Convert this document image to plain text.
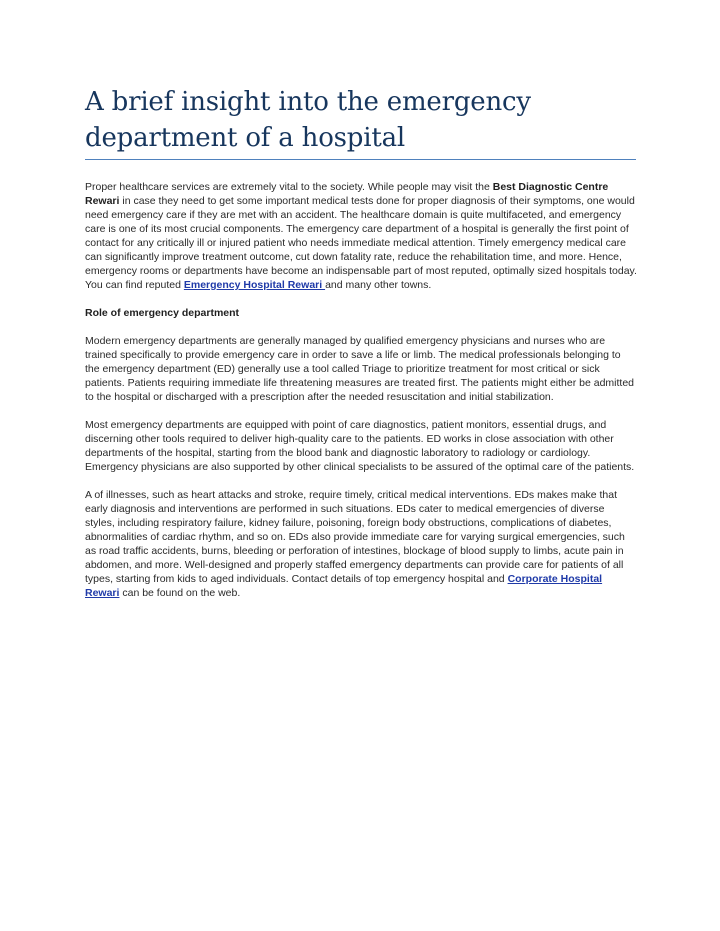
A brief insight into the emergency department of a hospital

Proper healthcare services are extremely vital to the society. While people may visit the Best Diagnostic Centre Rewari in case they need to get some important medical tests done for proper diagnosis of their symptoms, one would need emergency care if they are met with an accident. The healthcare domain is quite multifaceted, and emergency care is one of its most crucial components. The emergency care department of a hospital is generally the first point of contact for any critically ill or injured patient who needs immediate medical attention. Timely emergency medical care can significantly improve treatment outcome, cut down fatality rate, reduce the rehabilitation time, and more. Hence, emergency rooms or departments have become an indispensable part of most reputed, optimally sized hospitals today. You can find reputed Emergency Hospital Rewari and many other towns.

Role of emergency department

Modern emergency departments are generally managed by qualified emergency physicians and nurses who are trained specifically to provide emergency care in order to save a life or limb. The medical professionals belonging to the emergency department (ED) generally use a tool called Triage to prioritize treatment for most critical or sick patients. Patients requiring immediate life threatening measures are treated first. The patients might either be admitted to the hospital or discharged with a prescription after the needed resuscitation and initial stabilization.

Most emergency departments are equipped with point of care diagnostics, patient monitors, essential drugs, and discerning other tools required to deliver high-quality care to the patients. ED works in close association with other departments of the hospital, starting from the blood bank and diagnostic laboratory to radiology or cardiology. Emergency physicians are also supported by other clinical specialists to be assured of the optimal care of the patients.

A of illnesses, such as heart attacks and stroke, require timely, critical medical interventions. EDs makes make that early diagnosis and interventions are performed in such situations. EDs cater to medical emergencies of diverse styles, including respiratory failure, kidney failure, poisoning, foreign body obstructions, complications of diabetes, abnormalities of cardiac rhythm, and so on. EDs also provide immediate care for varying surgical emergencies, such as road traffic accidents, burns, bleeding or perforation of intestines, blockage of blood supply to limbs, acute pain in abdomen, and more. Well-designed and properly staffed emergency departments can provide care for patients of all types, starting from kids to aged individuals. Contact details of top emergency hospital and Corporate Hospital Rewari can be found on the web.
